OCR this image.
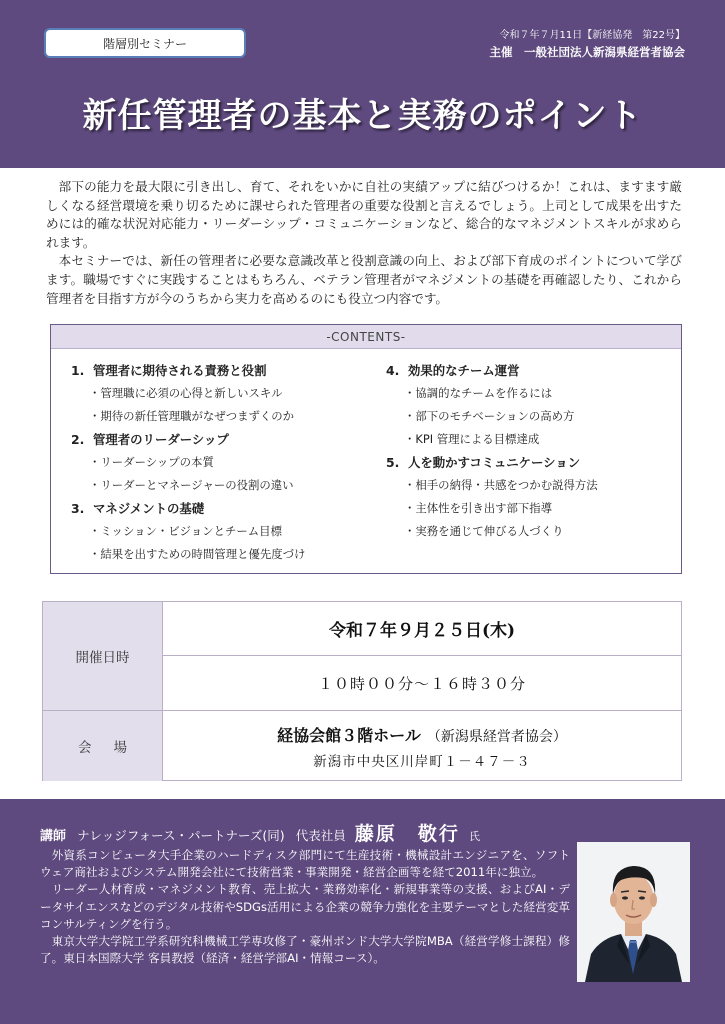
階層別セミナー
令和７年７月11日【新経協発　第22号】
主催　一般社団法人新潟県経営者協会
新任管理者の基本と実務のポイント

部下の能力を最大限に引き出し、育て、それをいかに自社の実績アップに結びつけるか！これは、ますます厳しくなる経営環境を乗り切るために課せられた管理者の重要な役割と言えるでしょう。上司として成果を出すためには的確な状況対応能力・リーダーシップ・コミュニケーションなど、総合的なマネジメントスキルが求められます。

本セミナーでは、新任の管理者に必要な意識改革と役割意識の向上、および部下育成のポイントについて学びます。職場ですぐに実践することはもちろん、ベテラン管理者がマネジメントの基礎を再確認したり、これから管理者を目指す方が今のうちから実力を高めるのにも役立つ内容です。

-CONTENTS-
1. 管理者に期待される責務と役割
・管理職に必須の心得と新しいスキル
・期待の新任管理職がなぜつまずくのか
2. 管理者のリーダーシップ
・リーダーシップの本質
・リーダーとマネージャーの役割の違い
3. マネジメントの基礎
・ミッション・ビジョンとチーム目標
・結果を出すための時間管理と優先度づけ
4. 効果的なチーム運営
・協調的なチームを作るには
・部下のモチベーションの高め方
・KPI 管理による目標達成
5. 人を動かすコミュニケーション
・相手の納得・共感をつかむ説得方法
・主体性を引き出す部下指導
・実務を通じて伸びる人づくり
開催日時
会場
令和７年９月２５日(木)
１０時００分～１６時３０分
経協会館３階ホール （新潟県経営者協会）
新潟市中央区川岸町１－４７－３
講師 ナレッジフォース・パートナーズ(同) 代表社員 藤原　敬行 氏

外資系コンピュータ大手企業のハードディスク部門にて生産技術・機械設計エンジニアを、ソフトウェア商社およびシステム開発会社にて技術営業・事業開発・経営企画等を経て2011年に独立。

リーダー人材育成・マネジメント教育、売上拡大・業務効率化・新規事業等の支援、およびAI・データサイエンスなどのデジタル技術やSDGs活用による企業の競争力強化を主要テーマとした経営変革コンサルティングを行う。

東京大学大学院工学系研究科機械工学専攻修了・豪州ボンド大学大学院MBA（経営学修士課程）修了。東日本国際大学 客員教授（経済・経営学部AI・情報コース）。
